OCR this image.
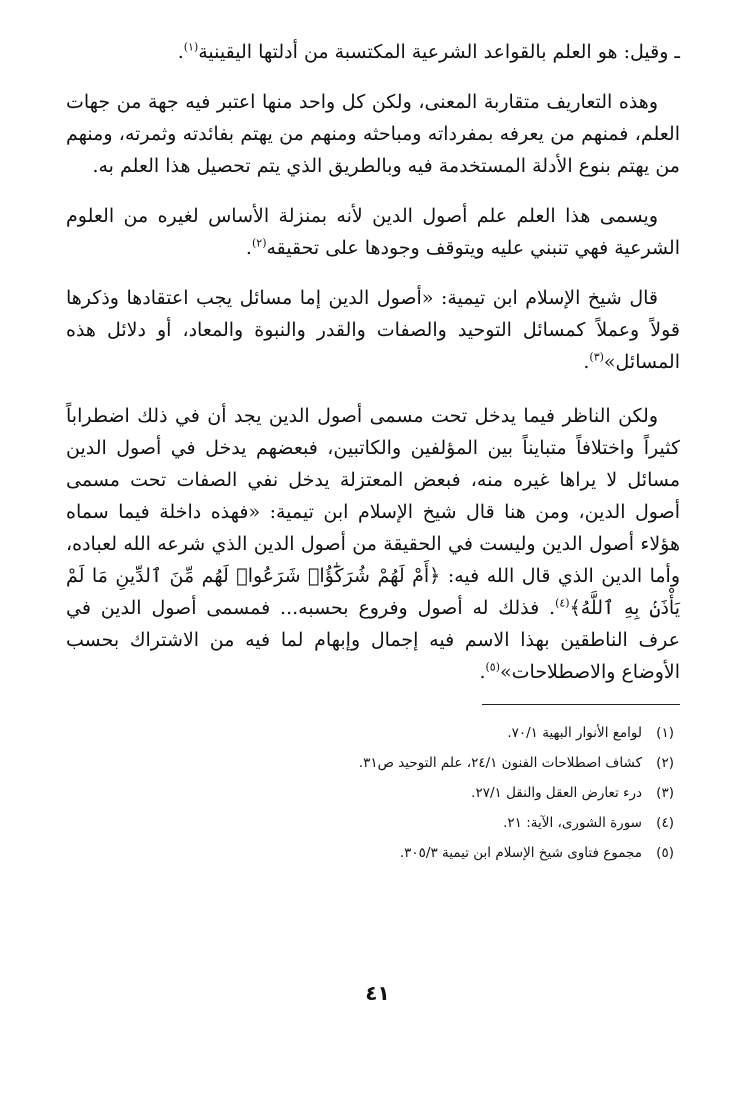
ـ وقيل: هو العلم بالقواعد الشرعية المكتسبة من أدلتها اليقينية$^{(١)}$.

وهذه التعاريف متقاربة المعنى، ولكن كل واحد منها اعتبر فيه جهة من جهات العلم، فمنهم من يعرفه بمفرداته ومباحثه ومنهم من يهتم بفائدته وثمرته، ومنهم من يهتم بنوع الأدلة المستخدمة فيه وبالطريق الذي يتم تحصيل هذا العلم به.

ويسمى هذا العلم علم أصول الدين لأنه بمنزلة الأساس لغيره من العلوم الشرعية فهي تنبني عليه ويتوقف وجودها على تحقيقه$^{(٢)}$.

قال شيخ الإسلام ابن تيمية: «أصول الدين إما مسائل يجب اعتقادها وذكرها قولاً وعملاً كمسائل التوحيد والصفات والقدر والنبوة والمعاد، أو دلائل هذه المسائل»$^{(٣)}$.

ولكن الناظر فيما يدخل تحت مسمى أصول الدين يجد أن في ذلك اضطراباً كثيراً واختلافاً متبايناً بين المؤلفين والكاتبين، فبعضهم يدخل في أصول الدين مسائل لا يراها غيره منه، فبعض المعتزلة يدخل نفي الصفات تحت مسمى أصول الدين، ومن هنا قال شيخ الإسلام ابن تيمية: «فهذه داخلة فيما سماه هؤلاء أصول الدين وليست في الحقيقة من أصول الدين الذي شرعه الله لعباده، وأما الدين الذي قال الله فيه: ﴿أَمْ لَهُمْ شُرَكَٰٓؤُا۟ شَرَعُوا۟ لَهُم مِّنَ ٱلدِّينِ مَا لَمْ يَأْذَنۢ بِهِ ٱللَّهُ﴾$^{(٤)}$. فذلك له أصول وفروع بحسبه... فمسمى أصول الدين في عرف الناطقين بهذا الاسم فيه إجمال وإبهام لما فيه من الاشتراك بحسب الأوضاع والاصطلاحات»$^{(٥)}$.

(١)
لوامع الأنوار البهية ٧٠/١.
(٢)
كشاف اصطلاحات الفنون ٢٤/١، علم التوحيد ص٣١.
(٣)
درء تعارض العقل والنقل ٢٧/١.
(٤)
سورة الشورى، الآية: ٢١.
(٥)
مجموع فتاوى شيخ الإسلام ابن تيمية ٣٠٥/٣.
٤١
